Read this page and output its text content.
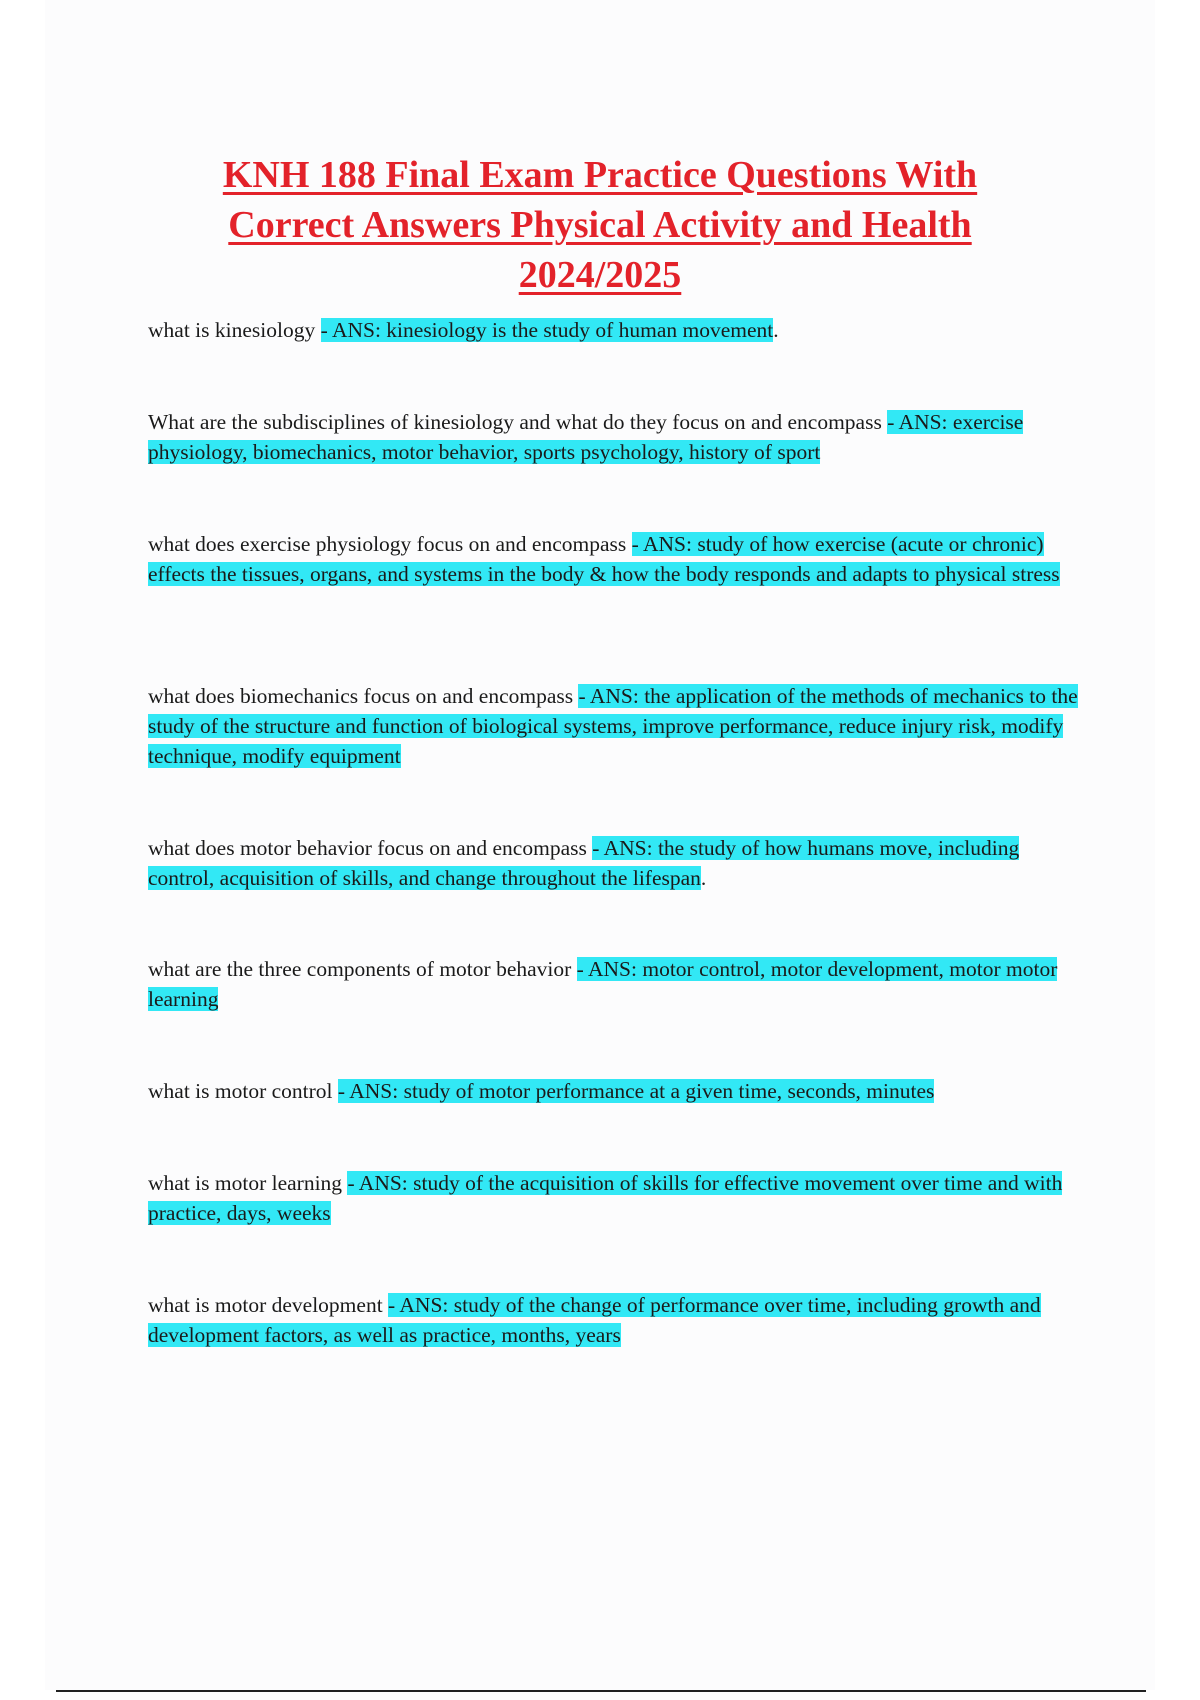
KNH 188 Final Exam Practice Questions With Correct Answers Physical Activity and Health 2024/2025
what is kinesiology - ANS: kinesiology is the study of human movement.
What are the subdisciplines of kinesiology and what do they focus on and encompass - ANS: exercise physiology, biomechanics, motor behavior, sports psychology, history of sport
what does exercise physiology focus on and encompass - ANS: study of how exercise (acute or chronic) effects the tissues, organs, and systems in the body & how the body responds and adapts to physical stress
what does biomechanics focus on and encompass - ANS: the application of the methods of mechanics to the study of the structure and function of biological systems, improve performance, reduce injury risk, modify technique, modify equipment
what does motor behavior focus on and encompass - ANS: the study of how humans move, including control, acquisition of skills, and change throughout the lifespan.
what are the three components of motor behavior - ANS: motor control, motor development, motor motor learning
what is motor control - ANS: study of motor performance at a given time, seconds, minutes
what is motor learning - ANS: study of the acquisition of skills for effective movement over time and with practice, days, weeks
what is motor development - ANS: study of the change of performance over time, including growth and development factors, as well as practice, months, years
